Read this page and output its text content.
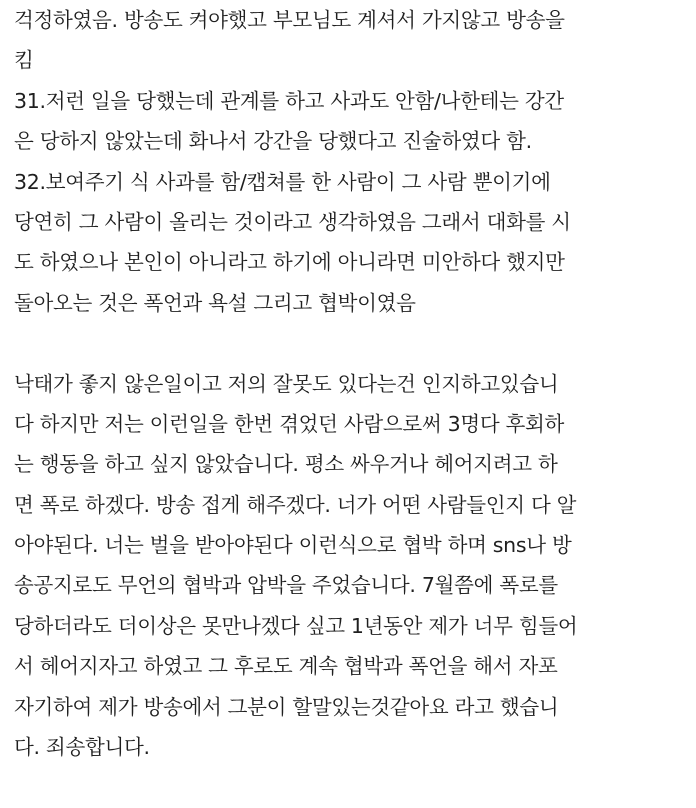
걱정하였음. 방송도 켜야했고 부모님도 계셔서 가지않고 방송을
킴
31.저런 일을 당했는데 관계를 하고 사과도 안함/나한테는 강간
은 당하지 않았는데 화나서 강간을 당했다고 진술하였다 함.
32.보여주기 식 사과를 함/캡쳐를 한 사람이 그 사람 뿐이기에
당연히 그 사람이 올리는 것이라고 생각하였음 그래서 대화를 시
도 하였으나 본인이 아니라고 하기에 아니라면 미안하다 했지만
돌아오는 것은 폭언과 욕설 그리고 협박이였음
낙태가 좋지 않은일이고 저의 잘못도 있다는건 인지하고있습니
다 하지만 저는 이런일을 한번 겪었던 사람으로써 3명다 후회하
는 행동을 하고 싶지 않았습니다. 평소 싸우거나 헤어지려고 하
면 폭로 하겠다. 방송 접게 해주겠다. 너가 어떤 사람들인지 다 알
아야된다. 너는 벌을 받아야된다 이런식으로 협박 하며 sns나 방
송공지로도 무언의 협박과 압박을 주었습니다. 7월쯤에 폭로를
당하더라도 더이상은 못만나겠다 싶고 1년동안 제가 너무 힘들어
서 헤어지자고 하였고 그 후로도 계속 협박과 폭언을 해서 자포
자기하여 제가 방송에서 그분이 할말있는것같아요 라고 했습니
다. 죄송합니다.
